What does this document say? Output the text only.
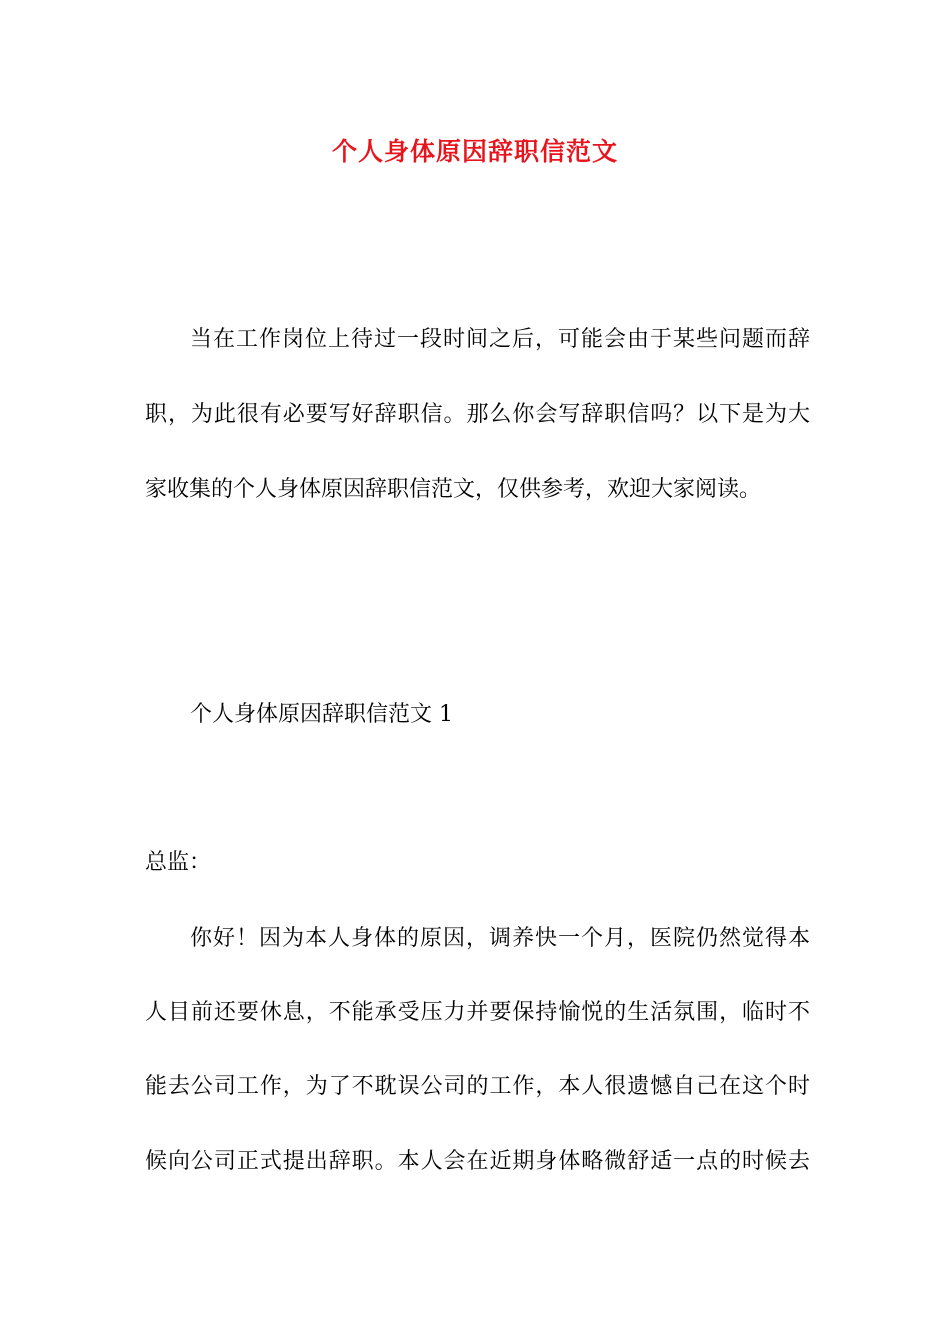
个人身体原因辞职信范文
当在工作岗位上待过一段时间之后，可能会由于某些问题而辞
职，为此很有必要写好辞职信。那么你会写辞职信吗？以下是为大
家收集的个人身体原因辞职信范文，仅供参考，欢迎大家阅读。
个人身体原因辞职信范文 1
总监：
你好！因为本人身体的原因，调养快一个月，医院仍然觉得本
人目前还要休息，不能承受压力并要保持愉悦的生活氛围，临时不
能去公司工作，为了不耽误公司的工作，本人很遗憾自己在这个时
候向公司正式提出辞职。本人会在近期身体略微舒适一点的时候去
